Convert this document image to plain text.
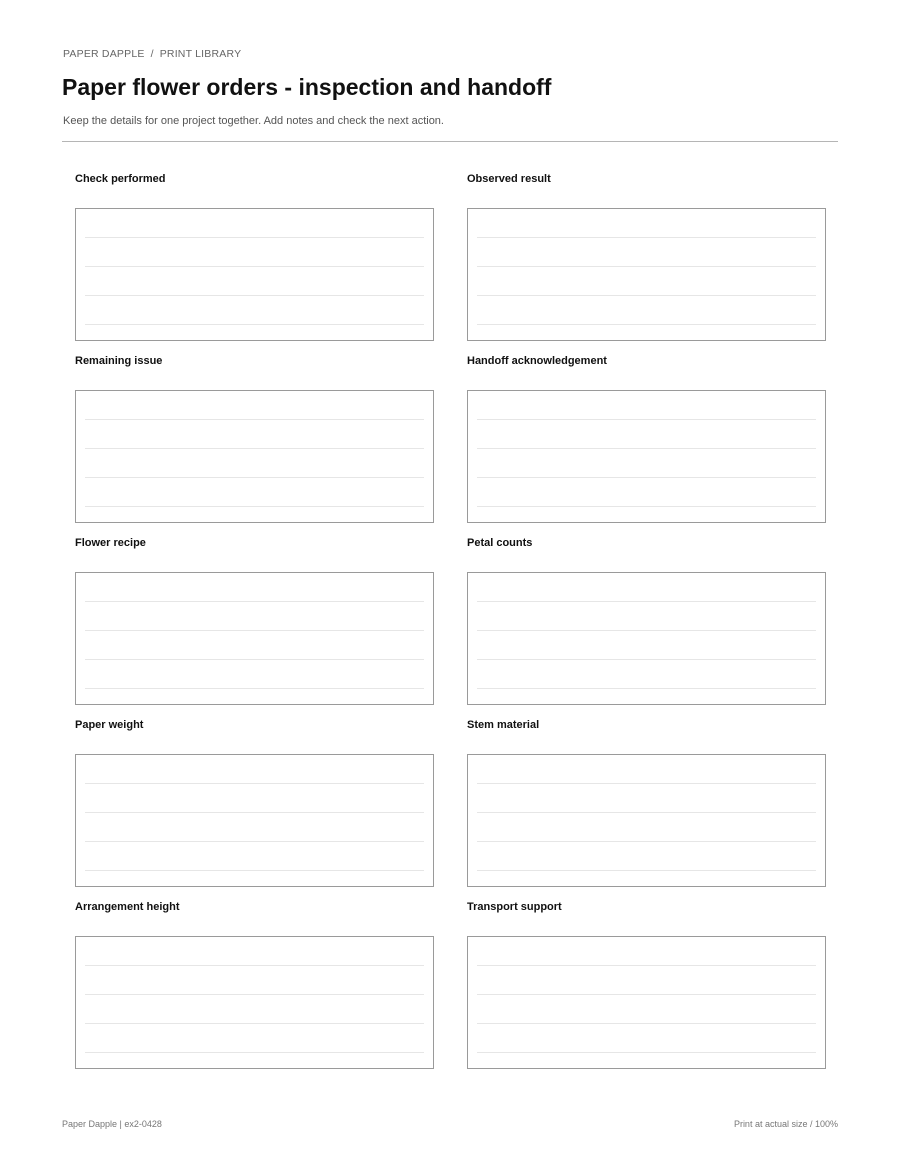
PAPER DAPPLE / PRINT LIBRARY
Paper flower orders - inspection and handoff
Keep the details for one project together. Add notes and check the next action.
Check performed	Observed result
Remaining issue	Handoff acknowledgement
Flower recipe	Petal counts
Paper weight	Stem material
Arrangement height	Transport support
Paper Dapple | ex2-0428	Print at actual size / 100%
